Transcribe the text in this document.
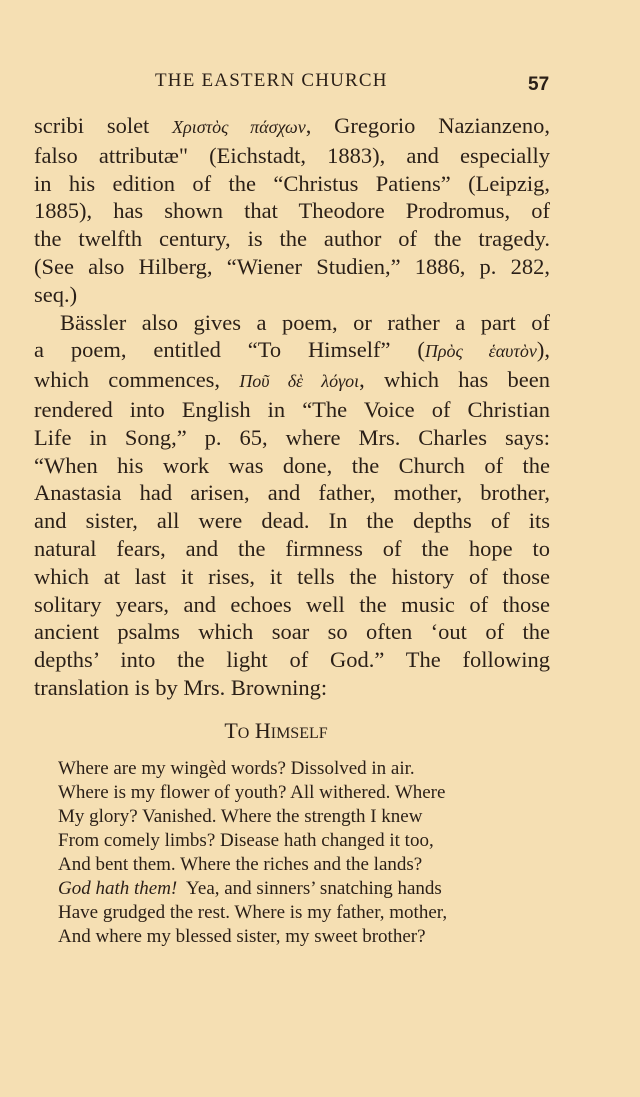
THE EASTERN CHURCH	57
scribi solet Χριστὸς πάσχων, Gregorio Nazianzeno,
falso attributæ" (Eichstadt, 1883), and especially
in his edition of the “Christus Patiens” (Leipzig,
1885), has shown that Theodore Prodromus, of
the twelfth century, is the author of the tragedy.
(See also Hilberg, “Wiener Studien,” 1886, p. 282,
seq.)
Bässler also gives a poem, or rather a part of
a poem, entitled “To Himself” (Πρὸς ἑαυτὸν),
which commences, Ποῦ δὲ λόγοι, which has been
rendered into English in “The Voice of Christian
Life in Song,” p. 65, where Mrs. Charles says:
“When his work was done, the Church of the
Anastasia had arisen, and father, mother, brother,
and sister, all were dead. In the depths of its
natural fears, and the firmness of the hope to
which at last it rises, it tells the history of those
solitary years, and echoes well the music of those
ancient psalms which soar so often ‘out of the
depths’ into the light of God.” The following
translation is by Mrs. Browning:
TO HIMSELF
Where are my wingèd words? Dissolved in air.
Where is my flower of youth? All withered. Where
My glory? Vanished. Where the strength I knew
From comely limbs? Disease hath changed it too,
And bent them. Where the riches and the lands?
God hath them!  Yea, and sinners’ snatching hands
Have grudged the rest. Where is my father, mother,
And where my blessed sister, my sweet brother?
